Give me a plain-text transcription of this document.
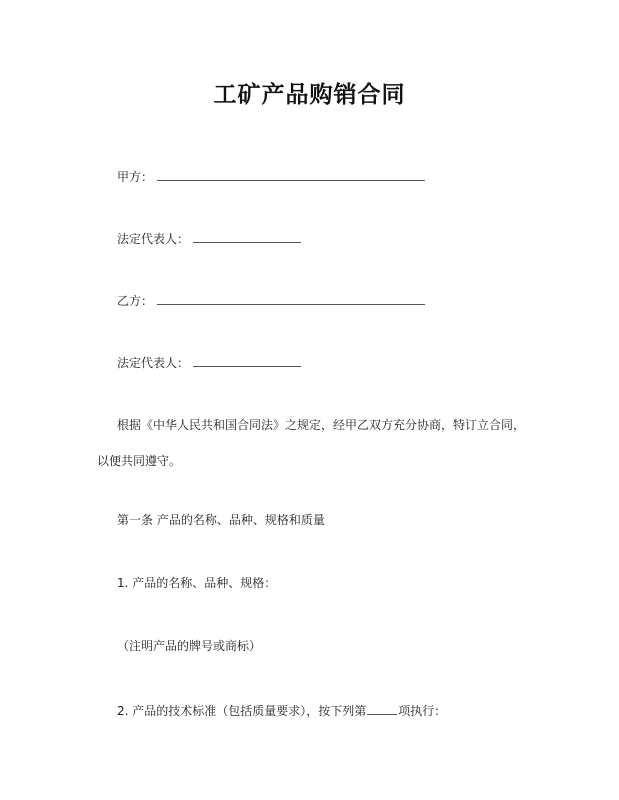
工矿产品购销合同
甲方：
法定代表人：
乙方：
法定代表人：
根据《中华人民共和国合同法》之规定，经甲乙双方充分协商，特订立合同，
以便共同遵守。
第一条 产品的名称、品种、规格和质量
1. 产品的名称、品种、规格：
（注明产品的牌号或商标）
2. 产品的技术标准（包括质量要求），按下列第	项执行：
